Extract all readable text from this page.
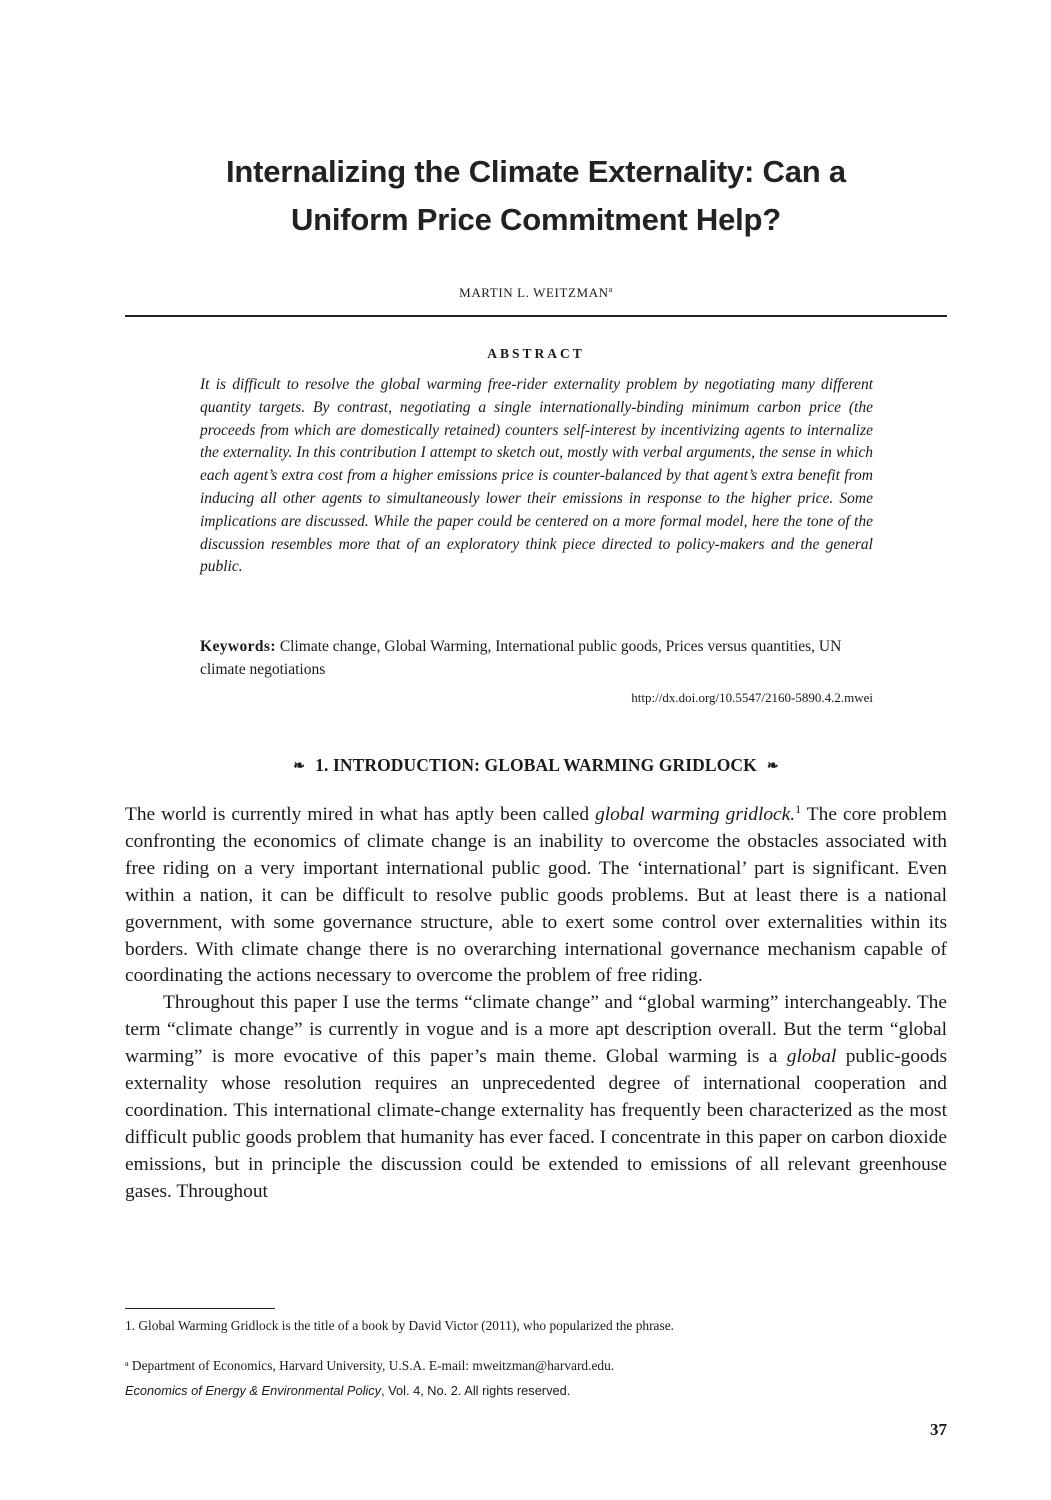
Internalizing the Climate Externality: Can a
Uniform Price Commitment Help?
MARTIN L. WEITZMAN$^a$
ABSTRACT
It is difficult to resolve the global warming free-rider externality problem by negotiating many different quantity targets. By contrast, negotiating a single internationally-binding minimum carbon price (the proceeds from which are domestically retained) counters self-interest by incentivizing agents to internalize the externality. In this contribution I attempt to sketch out, mostly with verbal arguments, the sense in which each agent’s extra cost from a higher emissions price is counter-balanced by that agent’s extra benefit from inducing all other agents to simultaneously lower their emissions in response to the higher price. Some implications are discussed. While the paper could be centered on a more formal model, here the tone of the discussion resembles more that of an exploratory think piece directed to policy-makers and the general public.
Keywords: Climate change, Global Warming, International public goods, Prices versus quantities, UN climate negotiations
http://dx.doi.org/10.5547/2160-5890.4.2.mwei
❧ 1. INTRODUCTION: GLOBAL WARMING GRIDLOCK ❧

The world is currently mired in what has aptly been called global warming gridlock.$^1$ The core problem confronting the economics of climate change is an inability to overcome the obstacles associated with free riding on a very important international public good. The ‘international’ part is significant. Even within a nation, it can be difficult to resolve public goods problems. But at least there is a national government, with some governance structure, able to exert some control over externalities within its borders. With climate change there is no overarching international governance mechanism capable of coordinating the actions necessary to overcome the problem of free riding.

Throughout this paper I use the terms “climate change” and “global warming” interchangeably. The term “climate change” is currently in vogue and is a more apt description overall. But the term “global warming” is more evocative of this paper’s main theme. Global warming is a global public-goods externality whose resolution requires an unprecedented degree of international cooperation and coordination. This international climate-change externality has frequently been characterized as the most difficult public goods problem that humanity has ever faced. I concentrate in this paper on carbon dioxide emissions, but in principle the discussion could be extended to emissions of all relevant greenhouse gases. Throughout

1. Global Warming Gridlock is the title of a book by David Victor (2011), who popularized the phrase.
$^a$ Department of Economics, Harvard University, U.S.A. E-mail: mweitzman@harvard.edu.
Economics of Energy & Environmental Policy, Vol. 4, No. 2. All rights reserved.
37
